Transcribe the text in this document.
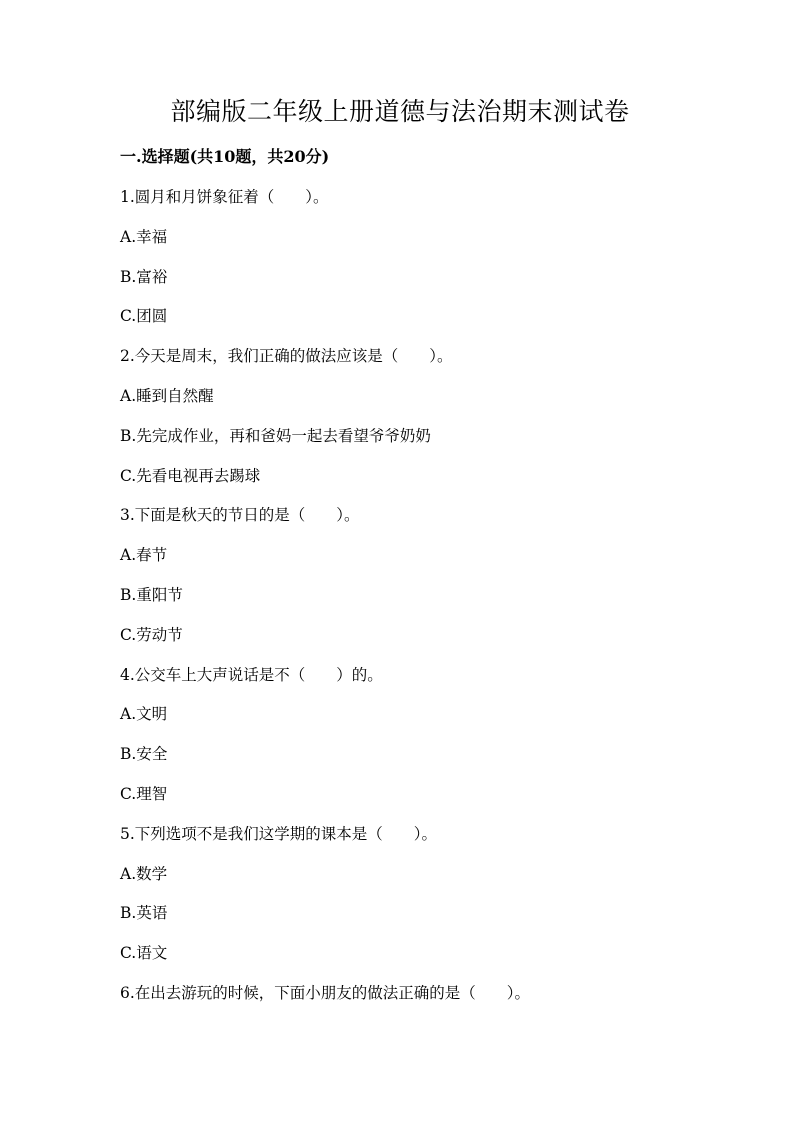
部编版二年级上册道德与法治期末测试卷
一.选择题(共10题，共20分)
1.圆月和月饼象征着（　　）。
A.幸福
B.富裕
C.团圆
2.今天是周末，我们正确的做法应该是（　　）。
A.睡到自然醒
B.先完成作业，再和爸妈一起去看望爷爷奶奶
C.先看电视再去踢球
3.下面是秋天的节日的是（　　）。
A.春节
B.重阳节
C.劳动节
4.公交车上大声说话是不（　　）的。
A.文明
B.安全
C.理智
5.下列选项不是我们这学期的课本是（　　）。
A.数学
B.英语
C.语文
6.在出去游玩的时候，下面小朋友的做法正确的是（　　）。
